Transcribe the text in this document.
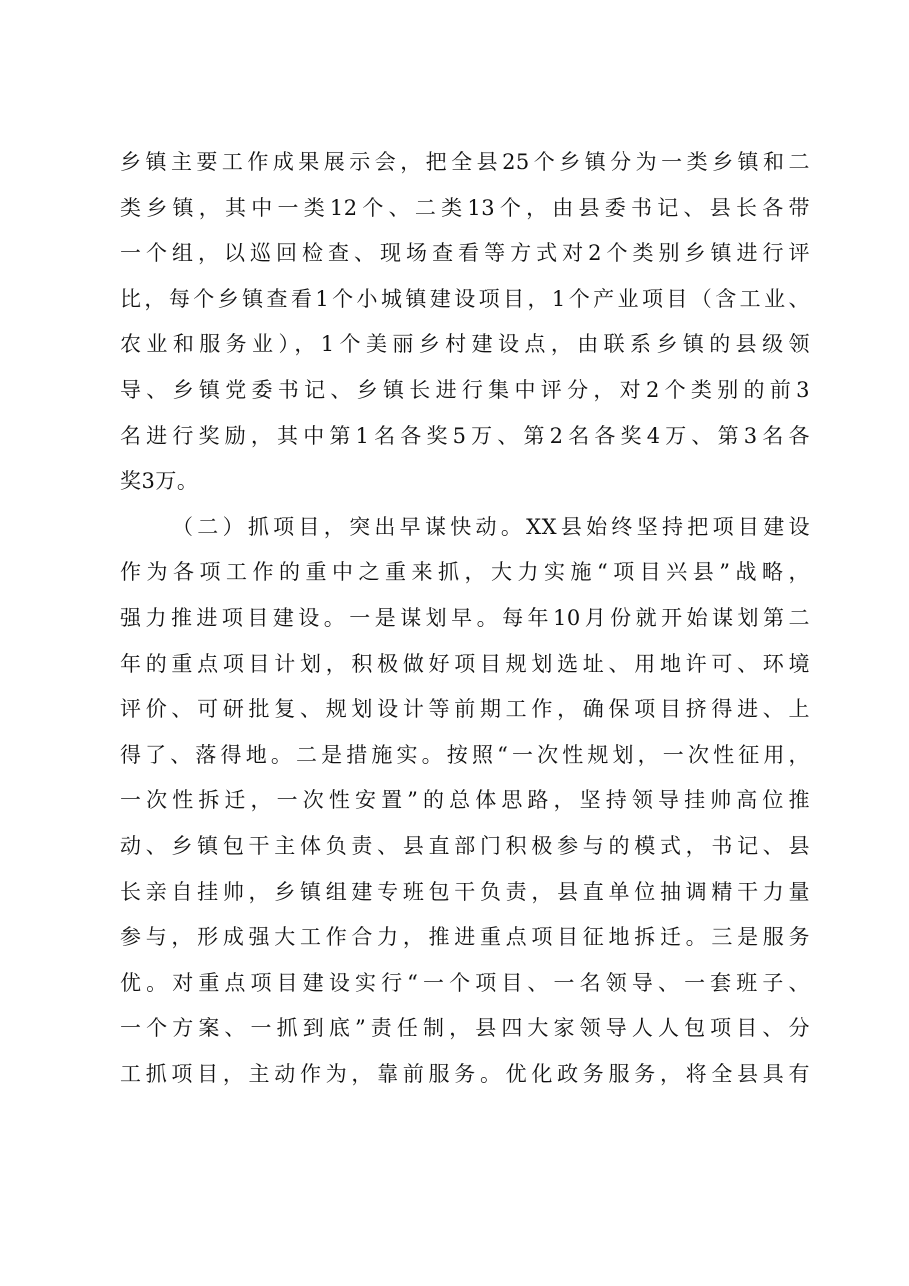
乡镇主要工作成果展示会，把全县25个乡镇分为一类乡镇和二
类乡镇，其中一类12个、二类13个，由县委书记、县长各带
一个组，以巡回检查、现场查看等方式对2个类别乡镇进行评
比，每个乡镇查看1个小城镇建设项目，1个产业项目（含工业、
农业和服务业），1个美丽乡村建设点，由联系乡镇的县级领
导、乡镇党委书记、乡镇长进行集中评分，对2个类别的前3
名进行奖励，其中第1名各奖5万、第2名各奖4万、第3名各
奖3万。
（二）抓项目，突出早谋快动。XX县始终坚持把项目建设
作为各项工作的重中之重来抓，大力实施“项目兴县”战略，
强力推进项目建设。一是谋划早。每年10月份就开始谋划第二
年的重点项目计划，积极做好项目规划选址、用地许可、环境
评价、可研批复、规划设计等前期工作，确保项目挤得进、上
得了、落得地。二是措施实。按照“一次性规划，一次性征用，
一次性拆迁，一次性安置”的总体思路，坚持领导挂帅高位推
动、乡镇包干主体负责、县直部门积极参与的模式，书记、县
长亲自挂帅，乡镇组建专班包干负责，县直单位抽调精干力量
参与，形成强大工作合力，推进重点项目征地拆迁。三是服务
优。对重点项目建设实行“一个项目、一名领导、一套班子、
一个方案、一抓到底”责任制，县四大家领导人人包项目、分
工抓项目，主动作为，靠前服务。优化政务服务，将全县具有
